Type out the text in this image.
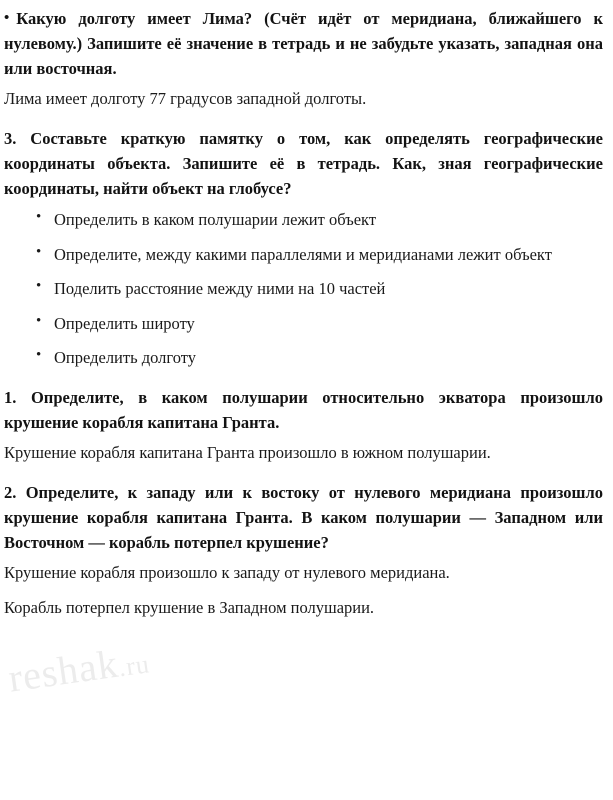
• Какую долготу имеет Лима? (Счёт идёт от меридиана, ближайшего к нулевому.) Запишите её значение в тетрадь и не забудьте указать, западная она или восточная.

Лима имеет долготу 77 градусов западной долготы.

3. Составьте краткую памятку о том, как определять географические координаты объекта. Запишите её в тетрадь. Как, зная географические координаты, найти объект на глобусе?

• Определить в каком полушарии лежит объект
• Определите, между какими параллелями и меридианами лежит объект
• Поделить расстояние между ними на 10 частей
• Определить широту
• Определить долготу

1. Определите, в каком полушарии относительно экватора произошло крушение корабля капитана Гранта.

Крушение корабля капитана Гранта произошло в южном полушарии.

2. Определите, к западу или к востоку от нулевого меридиана произошло крушение корабля капитана Гранта. В каком полушарии — Западном или Восточном — корабль потерпел крушение?

Крушение корабля произошло к западу от нулевого меридиана.

Корабль потерпел крушение в Западном полушарии.

reshak.ru
